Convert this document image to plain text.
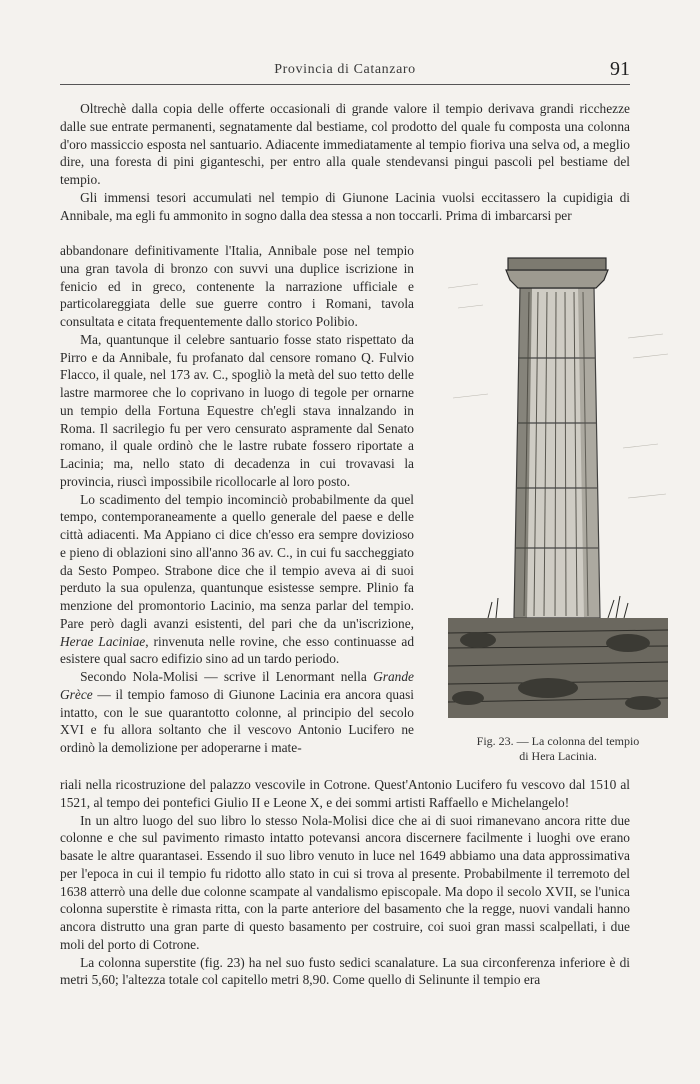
Provincia di Catanzaro	91

Oltrechè dalla copia delle offerte occasionali di grande valore il tempio derivava grandi ricchezze dalle sue entrate permanenti, segnatamente dal bestiame, col prodotto del quale fu composta una colonna d'oro massiccio esposta nel santuario. Adiacente immediatamente al tempio fioriva una selva od, a meglio dire, una foresta di pini giganteschi, per entro alla quale stendevansi pingui pascoli pel bestiame del tempio.

Gli immensi tesori accumulati nel tempio di Giunone Lacinia vuolsi eccitassero la cupidigia di Annibale, ma egli fu ammonito in sogno dalla dea stessa a non toccarli. Prima di imbarcarsi per

abbandonare definitivamente l'Italia, Annibale pose nel tempio una gran tavola di bronzo con suvvi una duplice iscrizione in fenicio ed in greco, contenente la narrazione ufficiale e particolareggiata delle sue guerre contro i Romani, tavola consultata e citata frequentemente dallo storico Polibio.

Ma, quantunque il celebre santuario fosse stato rispettato da Pirro e da Annibale, fu profanato dal censore romano Q. Fulvio Flacco, il quale, nel 173 av. C., spogliò la metà del suo tetto delle lastre marmoree che lo coprivano in luogo di tegole per ornarne un tempio della Fortuna Equestre ch'egli stava innalzando in Roma. Il sacrilegio fu per vero censurato aspramente dal Senato romano, il quale ordinò che le lastre rubate fossero riportate a Lacinia; ma, nello stato di decadenza in cui trovavasi la provincia, riuscì impossibile ricollocarle al loro posto.

Lo scadimento del tempio incominciò probabilmente da quel tempo, contemporaneamente a quello generale del paese e delle città adiacenti. Ma Appiano ci dice ch'esso era sempre dovizioso e pieno di oblazioni sino all'anno 36 av. C., in cui fu saccheggiato da Sesto Pompeo. Strabone dice che il tempio aveva ai di suoi perduto la sua opulenza, quantunque esistesse sempre. Plinio fa menzione del promontorio Lacinio, ma senza parlar del tempio. Pare però dagli avanzi esistenti, del pari che da un'iscrizione, Herae Laciniae, rinvenuta nelle rovine, che esso continuasse ad esistere qual sacro edifizio sino ad un tardo periodo.

Secondo Nola-Molisi — scrive il Lenormant nella Grande Grèce — il tempio famoso di Giunone Lacinia era ancora quasi intatto, con le sue quarantotto colonne, al principio del secolo XVI e fu allora soltanto che il vescovo Antonio Lucifero ne ordinò la demolizione per adoperarne i mate-	Fig. 23. — La colonna del tempio
di Hera Lacinia.

riali nella ricostruzione del palazzo vescovile in Cotrone. Quest'Antonio Lucifero fu vescovo dal 1510 al 1521, al tempo dei pontefici Giulio II e Leone X, e dei sommi artisti Raffaello e Michelangelo!

In un altro luogo del suo libro lo stesso Nola-Molisi dice che ai di suoi rimanevano ancora ritte due colonne e che sul pavimento rimasto intatto potevansi ancora discernere facilmente i luoghi ove erano basate le altre quarantasei. Essendo il suo libro venuto in luce nel 1649 abbiamo una data approssimativa per l'epoca in cui il tempio fu ridotto allo stato in cui si trova al presente. Probabilmente il terremoto del 1638 atterrò una delle due colonne scampate al vandalismo episcopale. Ma dopo il secolo XVII, se l'unica colonna superstite è rimasta ritta, con la parte anteriore del basamento che la regge, nuovi vandali hanno ancora distrutto una gran parte di questo basamento per costruire, coi suoi gran massi scalpellati, i due moli del porto di Cotrone.

La colonna superstite (fig. 23) ha nel suo fusto sedici scanalature. La sua circonferenza inferiore è di metri 5,60; l'altezza totale col capitello metri 8,90. Come quello di Selinunte il tempio era
